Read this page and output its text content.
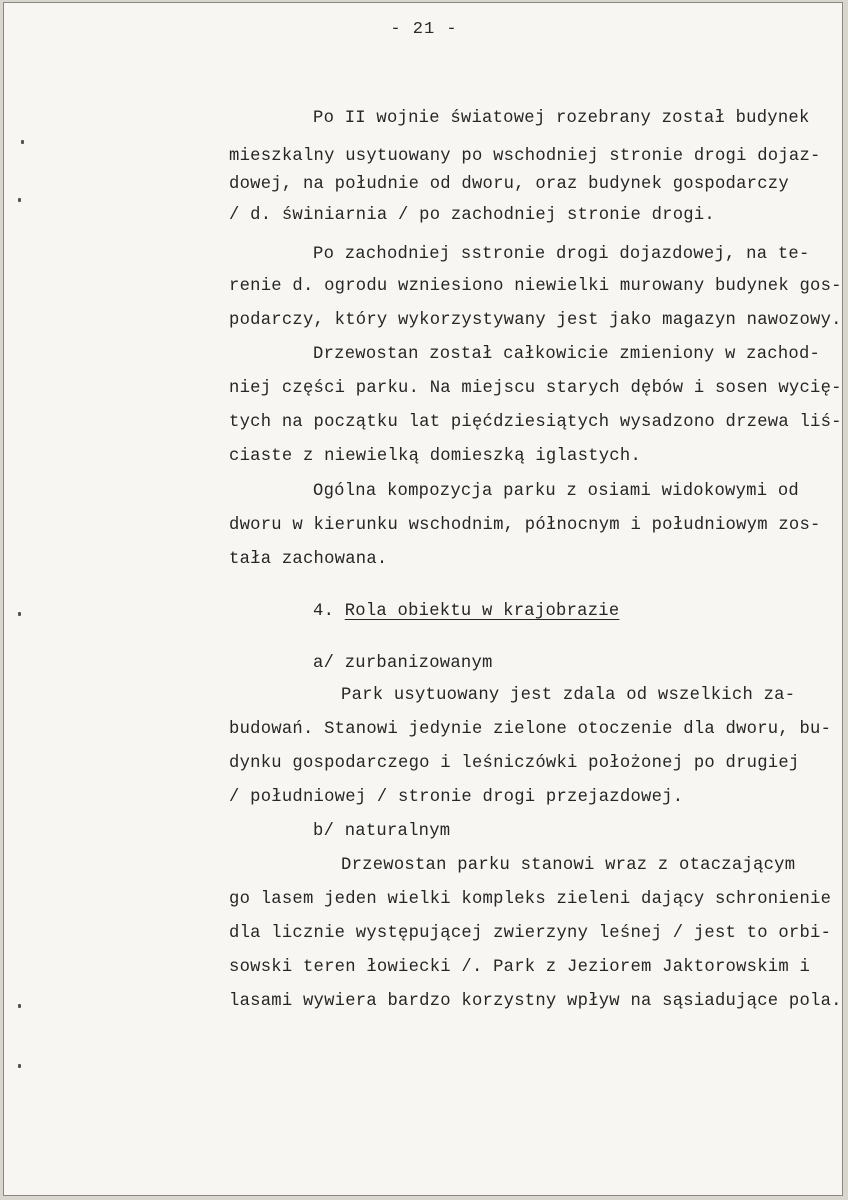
- 21 -
Po II wojnie światowej rozebrany został budynek
mieszkalny usytuowany po wschodniej stronie drogi dojaz-
dowej, na południe od dworu, oraz budynek gospodarczy
/ d. świniarnia / po zachodniej stronie drogi.
Po zachodniej sstronie drogi dojazdowej, na te-
renie d. ogrodu wzniesiono niewielki murowany budynek gos-
podarczy, który wykorzystywany jest jako magazyn nawozowy.
Drzewostan został całkowicie zmieniony w zachod-
niej części parku. Na miejscu starych dębów i sosen wycię-
tych na początku lat pięćdziesiątych wysadzono drzewa liś-
ciaste z niewielką domieszką iglastych.
Ogólna kompozycja parku z osiami widokowymi od
dworu w kierunku wschodnim, północnym i południowym zos-
tała zachowana.
4. Rola obiektu w krajobrazie
a/ zurbanizowanym
Park usytuowany jest zdala od wszelkich za-
budowań. Stanowi jedynie zielone otoczenie dla dworu, bu-
dynku gospodarczego i leśniczówki położonej po drugiej
/ południowej / stronie drogi przejazdowej.
b/ naturalnym
Drzewostan parku stanowi wraz z otaczającym
go lasem jeden wielki kompleks zieleni dający schronienie
dla licznie występującej zwierzyny leśnej / jest to orbi-
sowski teren łowiecki /. Park z Jeziorem Jaktorowskim i
lasami wywiera bardzo korzystny wpływ na sąsiadujące pola.
